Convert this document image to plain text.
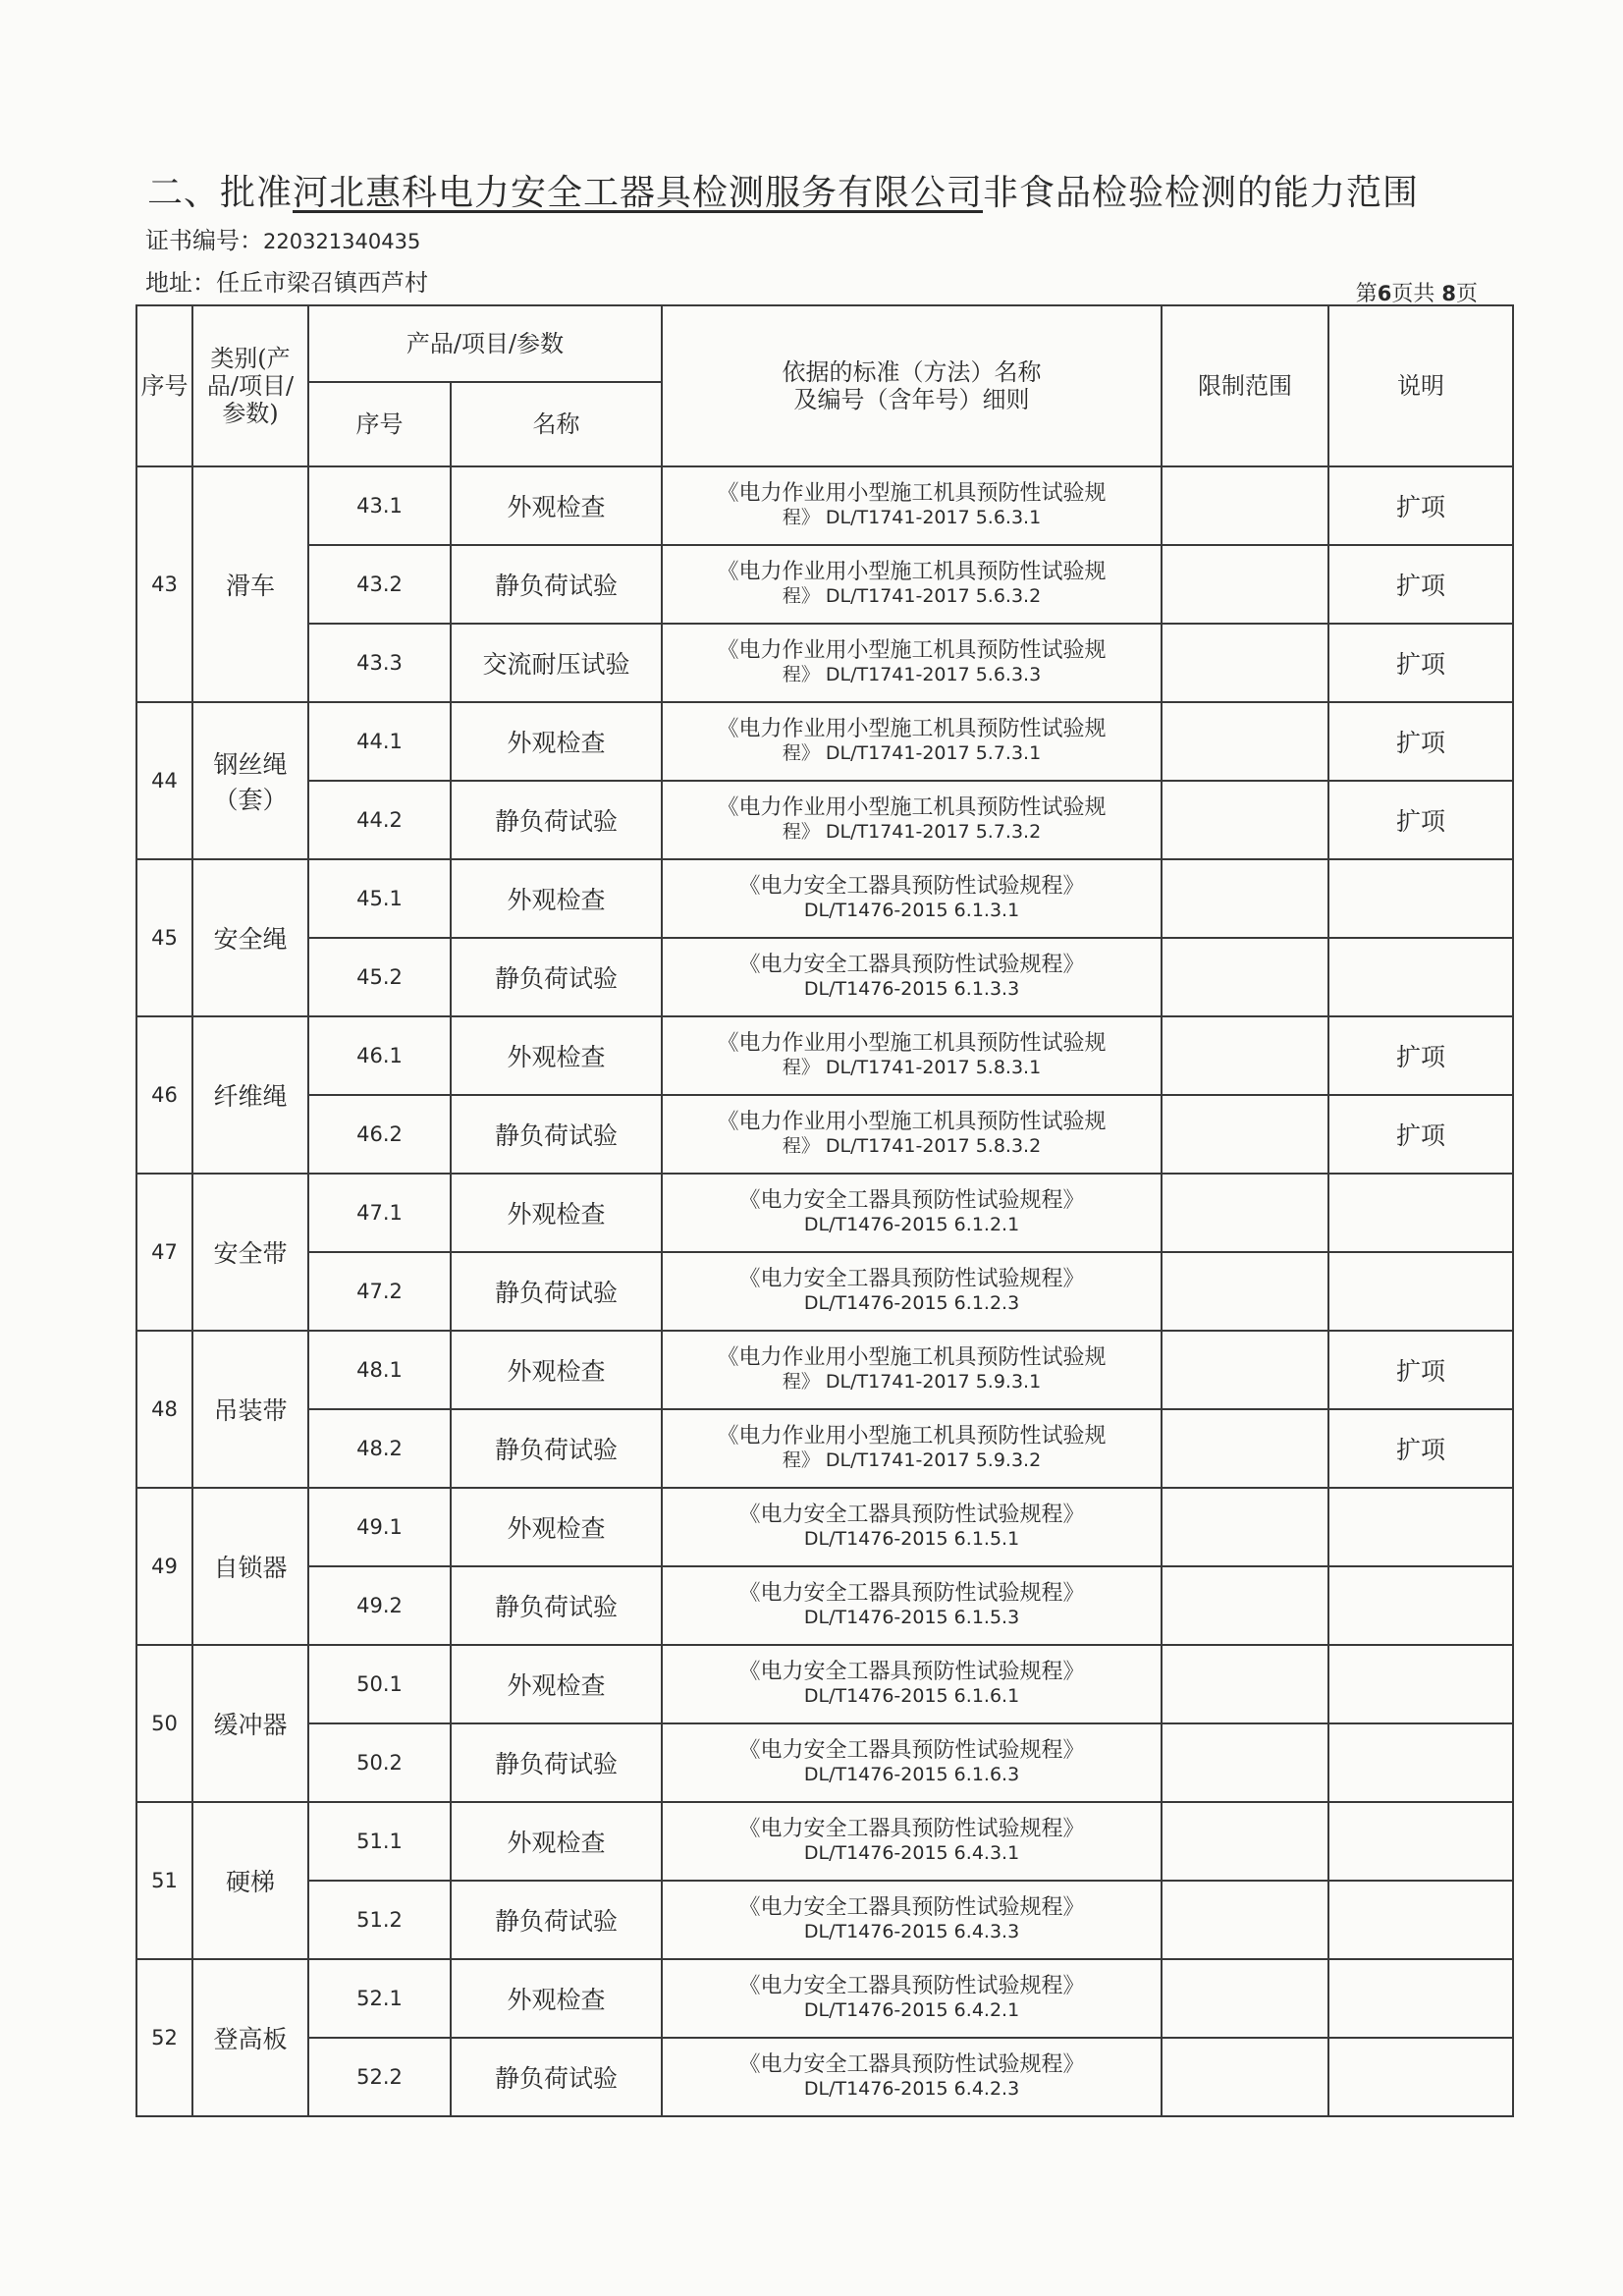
二、批准河北惠科电力安全工器具检测服务有限公司非食品检验检测的能力范围
证书编号：220321340435
地址：任丘市梁召镇西芦村	第6页共 8页
序号	类别(产品/项目/参数)	产品/项目/参数		依据的标准（方法）名称
及编号（含年号）细则	限制范围	说明
		序号	名称			
43	滑车	43.1	外观检查	《电力作业用小型施工机具预防性试验规
程》 DL/T1741-2017 5.6.3.1		扩项
		43.2	静负荷试验	《电力作业用小型施工机具预防性试验规
程》 DL/T1741-2017 5.6.3.2		扩项
		43.3	交流耐压试验	《电力作业用小型施工机具预防性试验规
程》 DL/T1741-2017 5.6.3.3		扩项
44	钢丝绳（套）	44.1	外观检查	《电力作业用小型施工机具预防性试验规
程》 DL/T1741-2017 5.7.3.1		扩项
		44.2	静负荷试验	《电力作业用小型施工机具预防性试验规
程》 DL/T1741-2017 5.7.3.2		扩项
45	安全绳	45.1	外观检查	《电力安全工器具预防性试验规程》
DL/T1476-2015 6.1.3.1		

		45.2	静负荷试验	《电力安全工器具预防性试验规程》
DL/T1476-2015 6.1.3.3		

46	纤维绳	46.1	外观检查	《电力作业用小型施工机具预防性试验规
程》 DL/T1741-2017 5.8.3.1		扩项
		46.2	静负荷试验	《电力作业用小型施工机具预防性试验规
程》 DL/T1741-2017 5.8.3.2		扩项
47	安全带	47.1	外观检查	《电力安全工器具预防性试验规程》
DL/T1476-2015 6.1.2.1		

		47.2	静负荷试验	《电力安全工器具预防性试验规程》
DL/T1476-2015 6.1.2.3		

48	吊装带	48.1	外观检查	《电力作业用小型施工机具预防性试验规
程》 DL/T1741-2017 5.9.3.1		扩项
		48.2	静负荷试验	《电力作业用小型施工机具预防性试验规
程》 DL/T1741-2017 5.9.3.2		扩项
49	自锁器	49.1	外观检查	《电力安全工器具预防性试验规程》
DL/T1476-2015 6.1.5.1		

		49.2	静负荷试验	《电力安全工器具预防性试验规程》
DL/T1476-2015 6.1.5.3		

50	缓冲器	50.1	外观检查	《电力安全工器具预防性试验规程》
DL/T1476-2015 6.1.6.1		

		50.2	静负荷试验	《电力安全工器具预防性试验规程》
DL/T1476-2015 6.1.6.3		

51	硬梯	51.1	外观检查	《电力安全工器具预防性试验规程》
DL/T1476-2015 6.4.3.1		

		51.2	静负荷试验	《电力安全工器具预防性试验规程》
DL/T1476-2015 6.4.3.3		

52	登高板	52.1	外观检查	《电力安全工器具预防性试验规程》
DL/T1476-2015 6.4.2.1		

		52.2	静负荷试验	《电力安全工器具预防性试验规程》
DL/T1476-2015 6.4.2.3		
